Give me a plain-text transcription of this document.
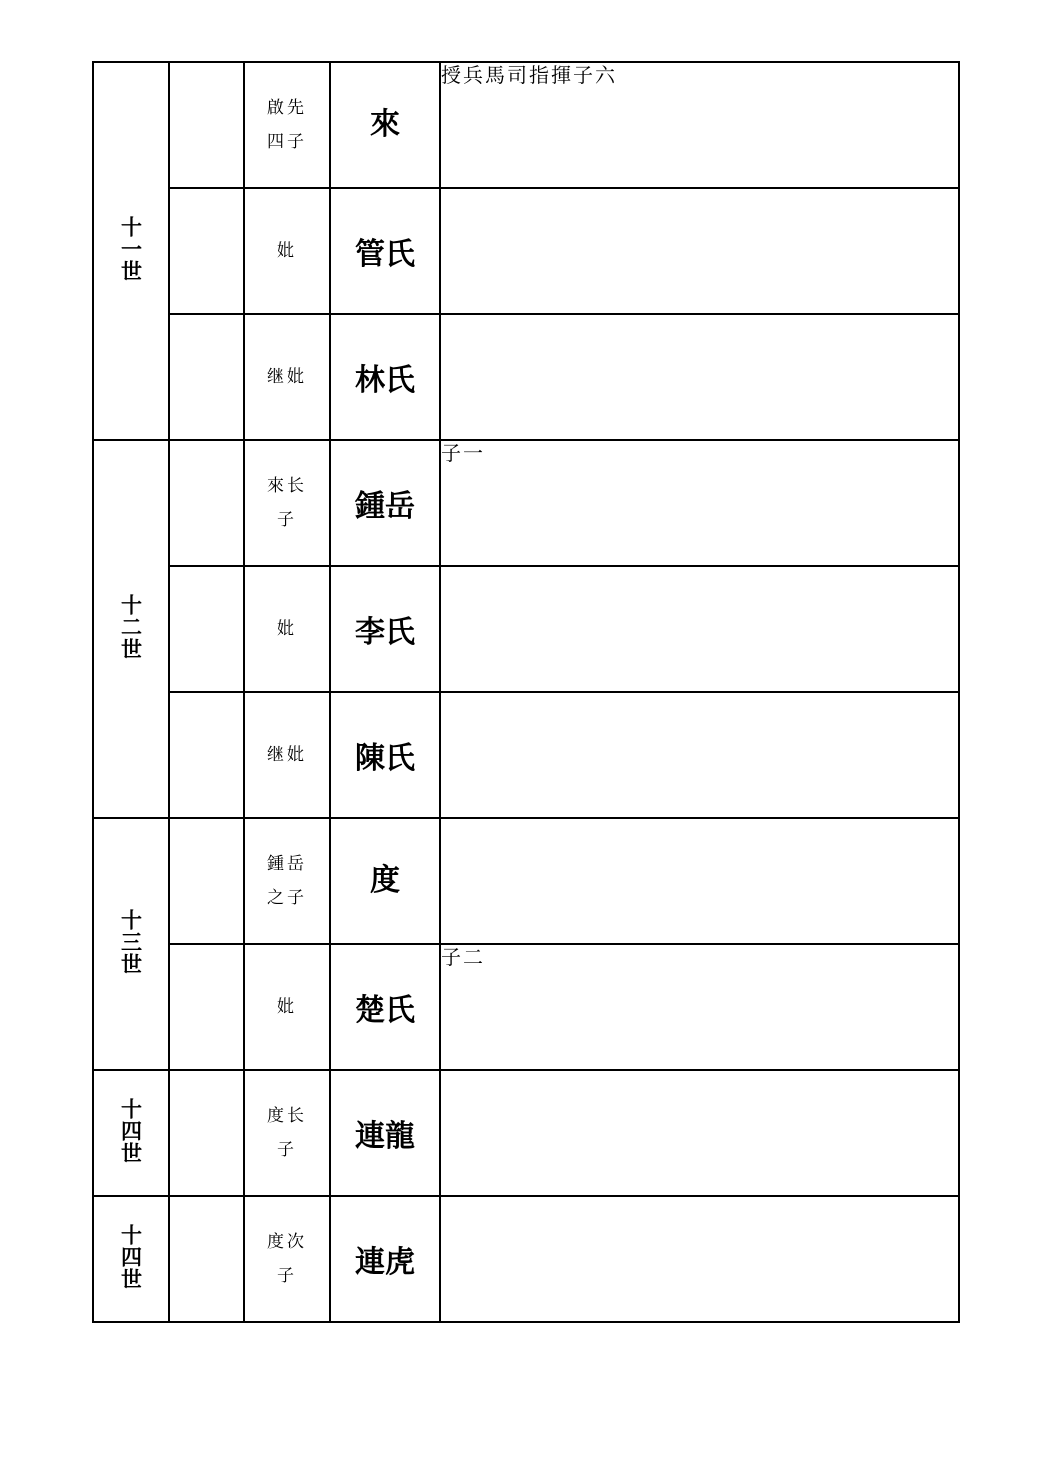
十一世		啟先四子	來	授兵馬司指揮子六
		妣	管氏	
		继妣	林氏	
十二世		來长子	鍾岳	子一
		妣	李氏	
		继妣	陳氏	
十三世		鍾岳之子	度	
		妣	楚氏	子二
十四世		度长子	連龍	
十四世		度次子	連虎	
